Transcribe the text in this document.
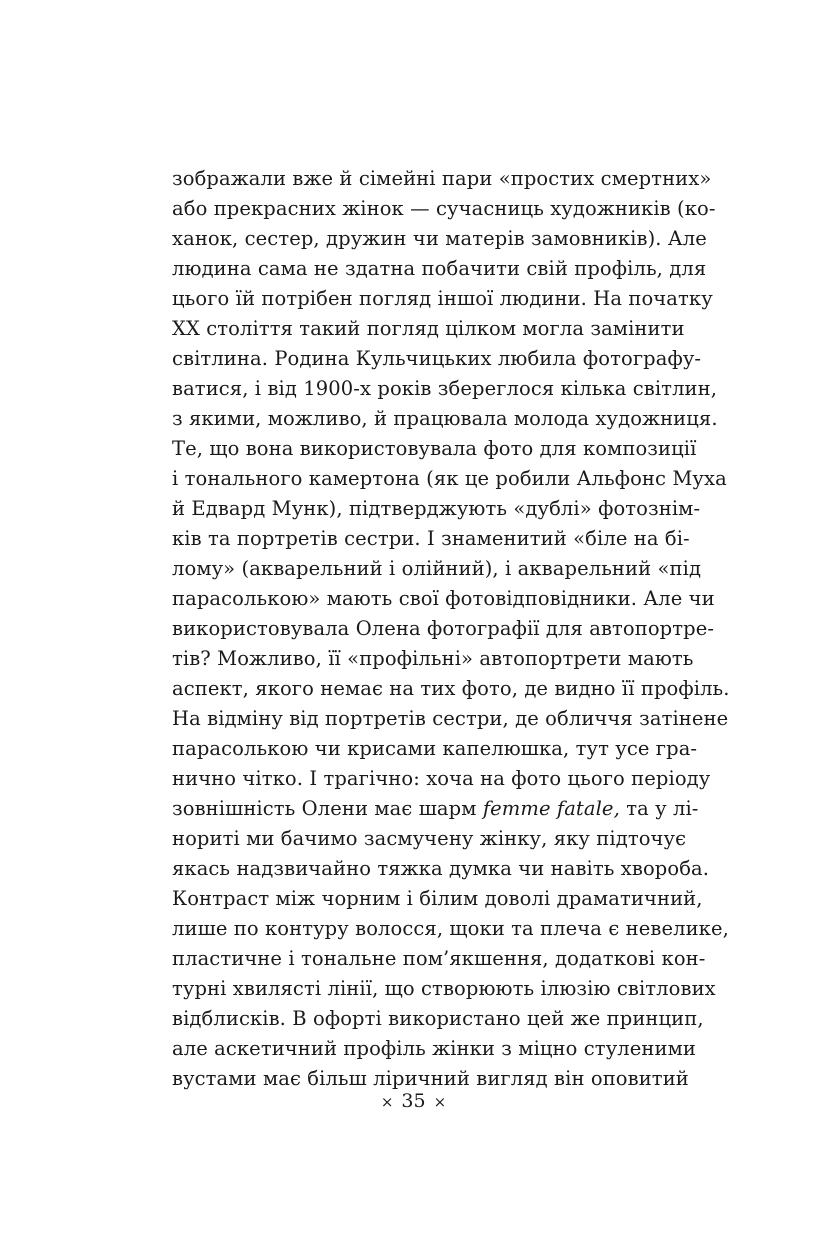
зображали вже й сімейні пари «простих смертних»
або прекрасних жінок — сучасниць художників (ко-
ханок, сестер, дружин чи матерів замовників). Але
людина сама не здатна побачити свій профіль, для
цього їй потрібен погляд іншої людини. На початку
XX століття такий погляд цілком могла замінити
світлина. Родина Кульчицьких любила фотографу-
ватися, і від 1900-х років збереглося кілька світлин,
з якими, можливо, й працювала молода художниця.
Те, що вона використовувала фото для композиції
і тонального камертона (як це робили Альфонс Муха
й Едвард Мунк), підтверджують «дублі» фотознім-
ків та портретів сестри. І знаменитий «біле на бі-
лому» (акварельний і олійний), і акварельний «під
парасолькою» мають свої фотовідповідники. Але чи
використовувала Олена фотографії для автопортре-
тів? Можливо, її «профільні» автопортрети мають
аспект, якого немає на тих фото, де видно її профіль.
На відміну від портретів сестри, де обличчя затінене
парасолькою чи крисами капелюшка, тут усе гра-
нично чітко. І трагічно: хоча на фото цього періоду
зовнішність Олени має шарм femme fatale, та у лі-
норитi ми бачимо засмучену жінку, яку підточує
якась надзвичайно тяжка думка чи навіть хвороба.
Контраст між чорним і білим доволі драматичний,
лише по контуру волосся, щоки та плеча є невелике,
пластичне і тональне пом’якшення, додаткові кон-
турні хвилясті лінії, що створюють ілюзію світлових
відблисків. В офорті використано цей же принцип,
але аскетичний профіль жінки з міцно стуленими
вустами має більш ліричний вигляд він оповитий
× 35 ×
